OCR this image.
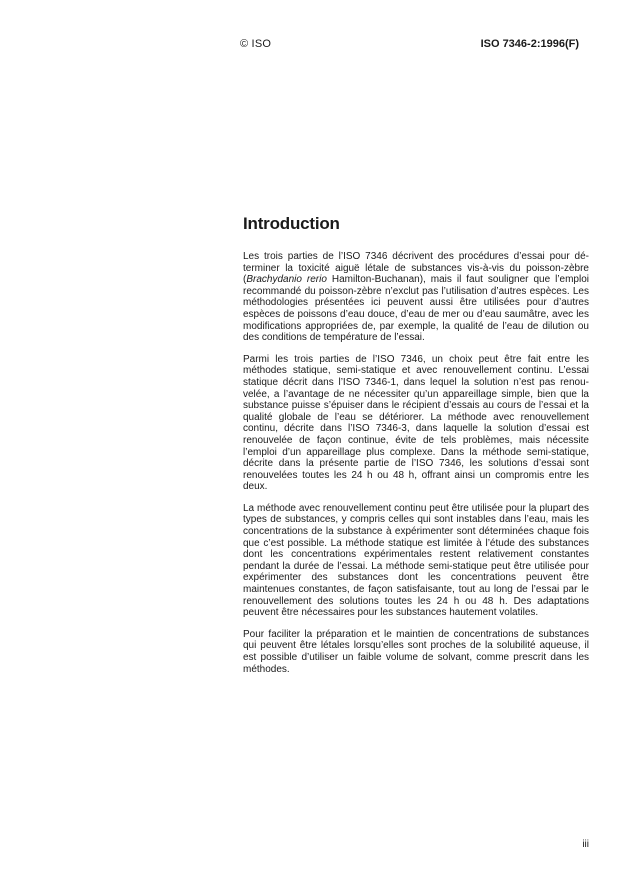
© ISO	ISO 7346-2:1996(F)
Introduction

Les trois parties de l’ISO 7346 décrivent des procédures d’essai pour déterminer la toxicité aiguë létale de substances vis-à-vis du poisson-zèbre (Brachydanio rerio Hamilton-Buchanan), mais il faut souligner que l’emploi recommandé du poisson-zèbre n’exclut pas l’utilisation d’autres espèces. Les méthodologies présentées ici peuvent aussi être utilisées pour d’autres espèces de poissons d’eau douce, d’eau de mer ou d’eau saumâtre, avec les modifications appropriées de, par exemple, la qualité de l’eau de dilution ou des conditions de température de l’essai.

Parmi les trois parties de l’ISO 7346, un choix peut être fait entre les méthodes statique, semi-statique et avec renouvellement continu. L’essai statique décrit dans l’ISO 7346-1, dans lequel la solution n’est pas renouvelée, a l’avantage de ne nécessiter qu’un appareillage simple, bien que la substance puisse s’épuiser dans le récipient d’essais au cours de l’essai et la qualité globale de l’eau se détériorer. La méthode avec renouvellement continu, décrite dans l’ISO 7346-3, dans laquelle la solution d’essai est renouvelée de façon continue, évite de tels problèmes, mais nécessite l’emploi d’un appareillage plus complexe. Dans la méthode semi-statique, décrite dans la présente partie de l’ISO 7346, les solutions d’essai sont renouvelées toutes les 24 h ou 48 h, offrant ainsi un compromis entre les deux.

La méthode avec renouvellement continu peut être utilisée pour la plupart des types de substances, y compris celles qui sont instables dans l’eau, mais les concentrations de la substance à expérimenter sont déterminées chaque fois que c’est possible. La méthode statique est limitée à l’étude des substances dont les concentrations expérimentales restent relativement constantes pendant la durée de l’essai. La méthode semi-statique peut être utilisée pour expérimenter des substances dont les concentrations peuvent être maintenues constantes, de façon satisfaisante, tout au long de l’essai par le renouvellement des solutions toutes les 24 h ou 48 h. Des adaptations peuvent être nécessaires pour les substances hautement volatiles.

Pour faciliter la préparation et le maintien de concentrations de substances qui peuvent être létales lorsqu’elles sont proches de la solubilité aqueuse, il est possible d’utiliser un faible volume de solvant, comme prescrit dans les méthodes.

iii
